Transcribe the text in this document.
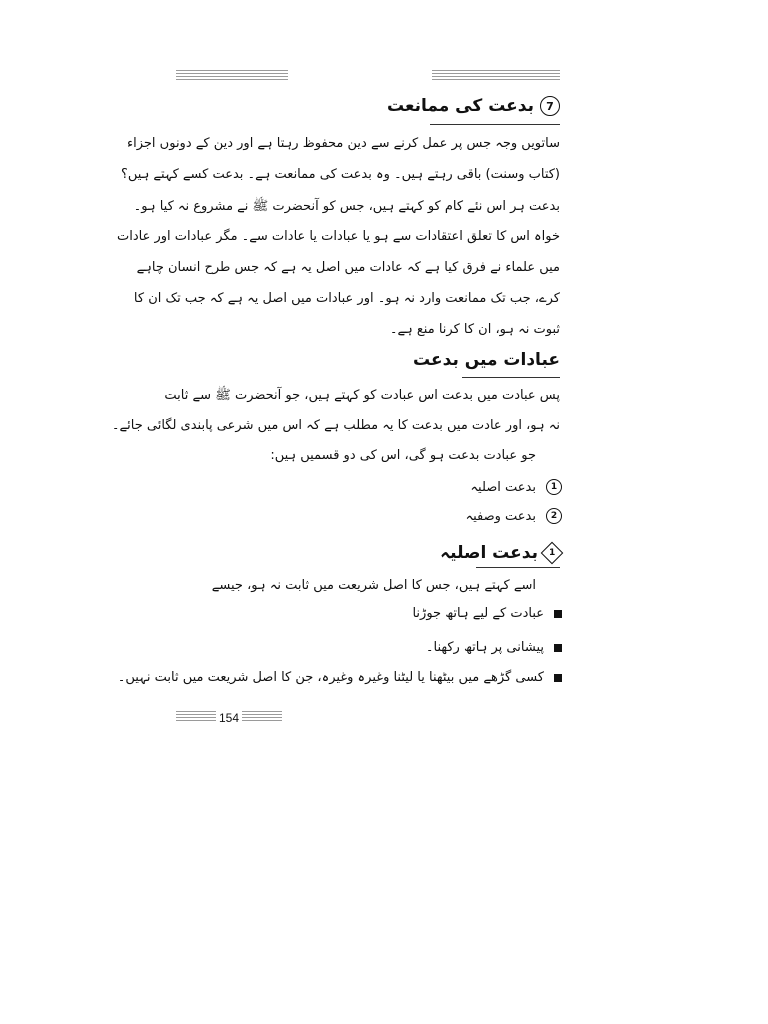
7
بدعت کی ممانعت
ساتویں وجہ جس پر عمل کرنے سے دین محفوظ رہتا ہے اور دین کے دونوں اجزاء
(کتاب وسنت) باقی رہتے ہیں۔ وہ بدعت کی ممانعت ہے۔ بدعت کسے کہتے ہیں؟
بدعت ہر اس نئے کام کو کہتے ہیں، جس کو آنحضرت ﷺ نے مشروع نہ کیا ہو۔
خواہ اس کا تعلق اعتقادات سے ہو یا عبادات یا عادات سے۔ مگر عبادات اور عادات
میں علماء نے فرق کیا ہے کہ عادات میں اصل یہ ہے کہ جس طرح انسان چاہے
کرے، جب تک ممانعت وارد نہ ہو۔ اور عبادات میں اصل یہ ہے کہ جب تک ان کا
ثبوت نہ ہو، ان کا کرنا منع ہے۔
عبادات میں بدعت
پس عبادت میں بدعت اس عبادت کو کہتے ہیں، جو آنحضرت ﷺ سے ثابت
نہ ہو، اور عادت میں بدعت کا یہ مطلب ہے کہ اس میں شرعی پابندی لگائی جائے۔
جو عبادت بدعت ہو گی، اس کی دو قسمیں ہیں:
1
بدعت اصلیہ
2
بدعت وصفیہ
1
بدعت اصلیہ
اسے کہتے ہیں، جس کا اصل شریعت میں ثابت نہ ہو، جیسے
عبادت کے لیے ہاتھ جوڑنا
پیشانی پر ہاتھ رکھنا۔
کسی گڑھے میں بیٹھنا یا لیٹنا وغیرہ وغیرہ، جن کا اصل شریعت میں ثابت نہیں۔
154
